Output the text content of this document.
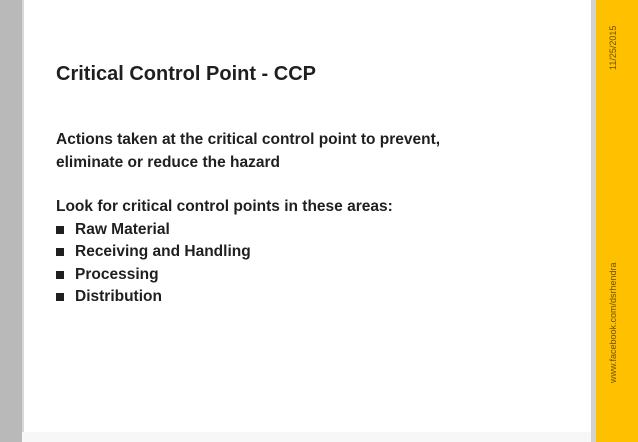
Critical Control Point - CCP

Actions taken at the critical control point to prevent,

eliminate or reduce the hazard

Look for critical control points in these areas:

Raw Material
Receiving and Handling
Processing
Distribution
11/25/2015
www.facebook.com/dsrhendra
